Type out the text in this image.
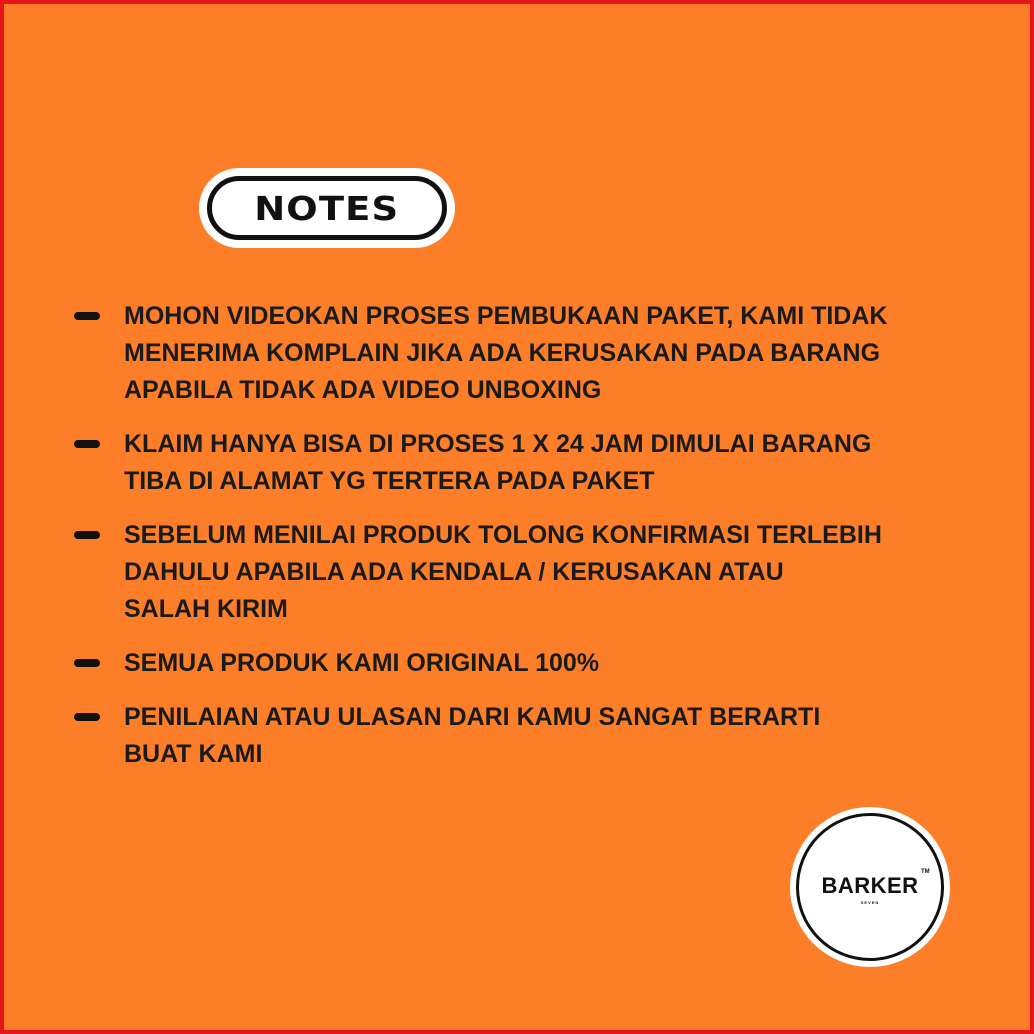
NOTES
MOHON VIDEOKAN PROSES PEMBUKAAN PAKET, KAMI TIDAK
MENERIMA KOMPLAIN JIKA ADA KERUSAKAN PADA BARANG
APABILA TIDAK ADA VIDEO UNBOXING
KLAIM HANYA BISA DI PROSES 1 X 24 JAM DIMULAI BARANG
TIBA DI ALAMAT YG TERTERA PADA PAKET
SEBELUM MENILAI PRODUK TOLONG KONFIRMASI TERLEBIH
DAHULU APABILA ADA KENDALA / KERUSAKAN ATAU
SALAH KIRIM
SEMUA PRODUK KAMI ORIGINAL 100%
PENILAIAN ATAU ULASAN DARI KAMU SANGAT BERARTI
BUAT KAMI
BARKER
TM
SEVEN
